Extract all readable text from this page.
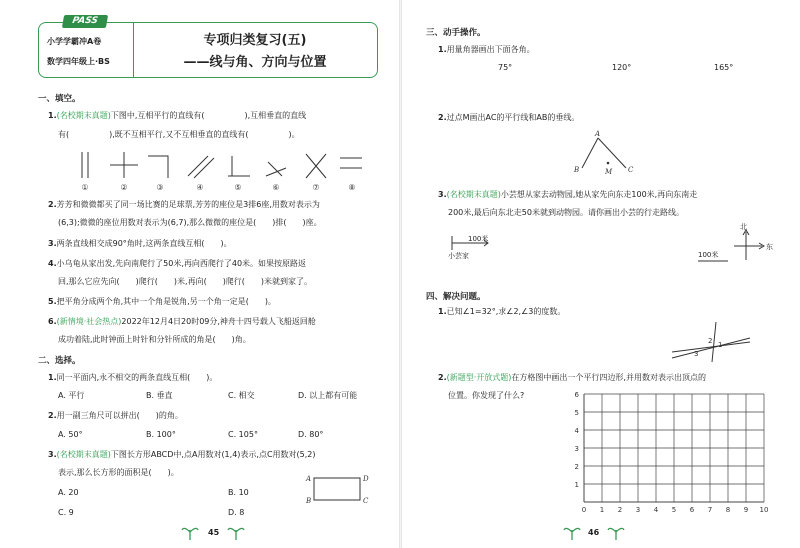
PASS
小学学霸冲A卷
数学四年级上·BS
专项归类复习(五)
——线与角、方向与位置
一、填空。
1.(名校期末真题)下图中,互相平行的直线有(　　　　　),互相垂直的直线
有(　　　　　),既不互相平行,又不互相垂直的直线有(　　　　　)。
①	②	③	④	⑤	⑥	⑦	⑧
2.芳芳和微微都买了同一场比赛的足球票,芳芳的座位是3排6座,用数对表示为
(6,3);微微的座位用数对表示为(6,7),那么微微的座位是(　　)排(　　)座。
3.两条直线相交成90°角时,这两条直线互相(　　)。
4.小乌龟从家出发,先向南爬行了50米,再向西爬行了40米。如果按原路返
回,那么它应先向(　　)爬行(　　)米,再向(　　)爬行(　　)米就到家了。
5.把平角分成两个角,其中一个角是锐角,另一个角一定是(　　)。
6.(新情境·社会热点)2022年12月4日20时09分,神舟十四号载人飞船返回舱
成功着陆,此时钟面上时针和分针所成的角是(　　)角。
二、选择。
1.同一平面内,永不相交的两条直线互相(　　)。
A. 平行	B. 垂直	C. 相交	D. 以上都有可能
2.用一副三角尺可以拼出(　　)的角。
A. 50°	B. 100°	C. 105°	D. 80°
3.(名校期末真题)下图长方形ABCD中,点A用数对(1,4)表示,点C用数对(5,2)
表示,那么长方形的面积是(　　)。
A. 20	B. 10
C. 9	D. 8
A	D
B	C
45
三、动手操作。
1.用量角器画出下面各角。
75°	120°	165°
2.过点M画出AC的平行线和AB的垂线。
A
B	M C
3.(名校期末真题)小芸想从家去动物园,她从家先向东走100米,再向东南走
200米,最后向东北走50米就到动物园。请你画出小芸的行走路线。
100米
小芸家	100米
北
东
四、解决问题。
1.已知∠1=32°,求∠2,∠3的度数。
2 1
3
2.(新题型·开放式题)在方格图中画出一个平行四边形,并用数对表示出顶点的
位置。你发现了什么?
0 1 2 3 4 5 6 7 8 9 10
1
2
3
4
5
6
46
